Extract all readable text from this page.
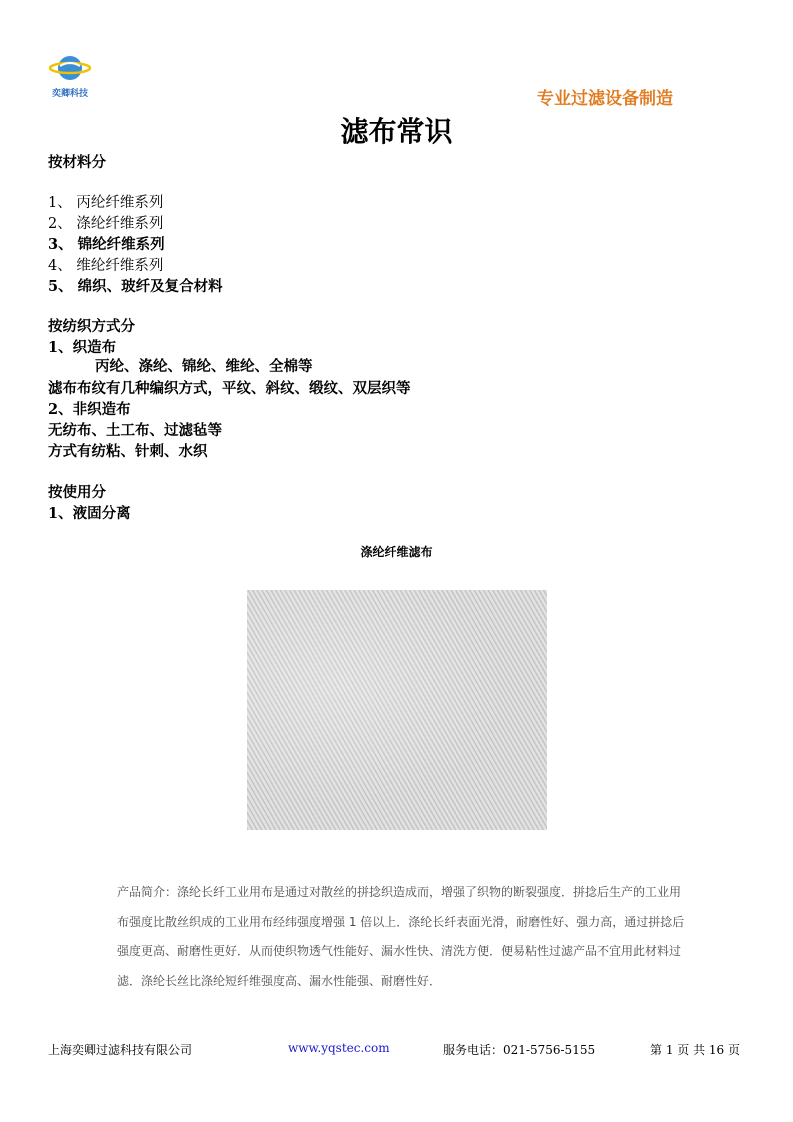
奕卿科技	专业过滤设备制造
滤布常识
按材料分
1、 丙纶纤维系列
2、 涤纶纤维系列
3、 锦纶纤维系列
4、 维纶纤维系列
5、 绵织、玻纤及复合材料
按纺织方式分
1、织造布
丙纶、涤纶、锦纶、维纶、全棉等
滤布布纹有几种编织方式，平纹、斜纹、缎纹、双层织等
2、非织造布
无纺布、土工布、过滤毡等
方式有纺粘、针刺、水织
按使用分
1、液固分离
涤纶纤维滤布
产品简介：涤纶长纤工业用布是通过对散丝的拼捻织造成而，增强了织物的断裂强度．拼捻后生产的工业用布强度比散丝织成的工业用布经纬强度增强 1 倍以上．涤纶长纤表面光滑，耐磨性好、强力高，通过拼捻后强度更高、耐磨性更好．从而使织物透气性能好、漏水性快、清洗方便．便易粘性过滤产品不宜用此材料过滤．涤纶长丝比涤纶短纤维强度高、漏水性能强、耐磨性好．
上海奕卿过滤科技有限公司	www.yqstec.com	服务电话：021-5756-5155	第 1 页 共 16 页
